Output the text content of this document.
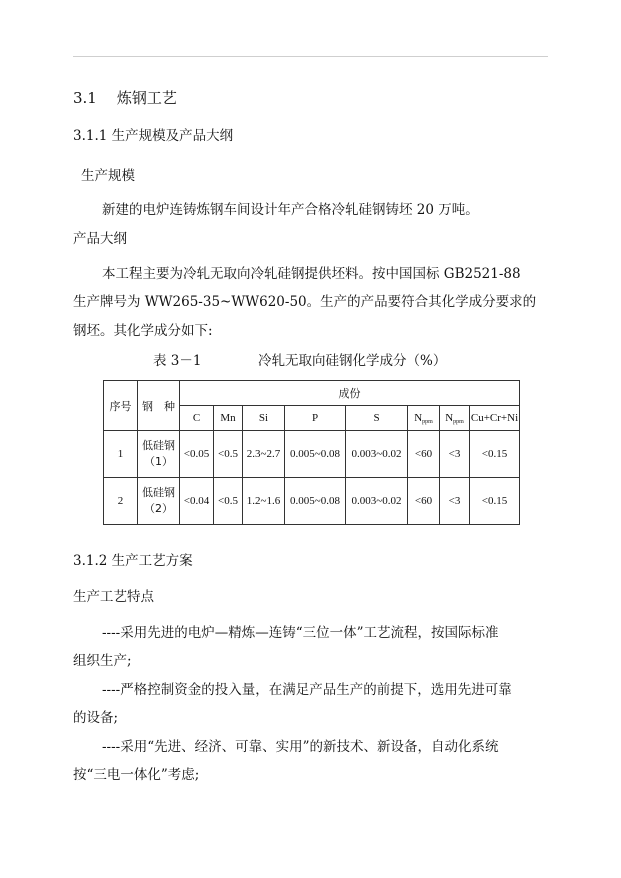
3.1 炼钢工艺
3.1.1 生产规模及产品大纲
生产规模
新建的电炉连铸炼钢车间设计年产合格冷轧硅钢铸坯 20 万吨。
产品大纲
本工程主要为冷轧无取向冷轧硅钢提供坯料。按中国国标 GB2521-88
生产牌号为 WW265-35~WW620-50。生产的产品要符合其化学成分要求的
钢坯。其化学成分如下:
表 3－1	冷轧无取向硅钢化学成分（%）
序号	钢　种	成份							
		C	Mn	Si	P	S	$N_{ppm}$	$N_{ppm}$	Cu+Cr+Ni
1	低硅钢
（1）	<0.05	<0.5	2.3~2.7	0.005~0.08	0.003~0.02	<60	<3	<0.15
2	低硅钢
（2）	<0.04	<0.5	1.2~1.6	0.005~0.08	0.003~0.02	<60	<3	<0.15
3.1.2 生产工艺方案
生产工艺特点
----采用先进的电炉—精炼—连铸“三位一体”工艺流程，按国际标准
组织生产;
----严格控制资金的投入量，在满足产品生产的前提下，选用先进可靠
的设备;
----采用“先进、经济、可靠、实用”的新技术、新设备，自动化系统
按“三电一体化”考虑;
